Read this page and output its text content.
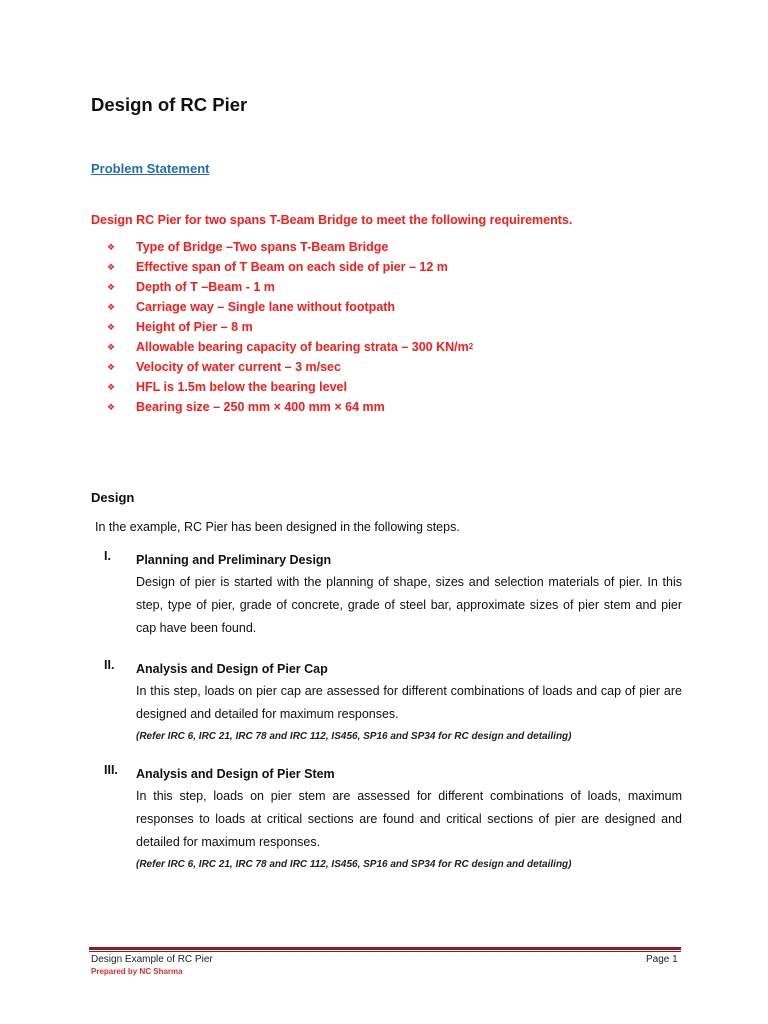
Design of RC Pier
Problem Statement
Design RC Pier for two spans T-Beam Bridge to meet the following requirements.
❖	Type of Bridge –Two spans T-Beam Bridge
❖	Effective span of T Beam on each side of pier – 12 m
❖	Depth of T –Beam - 1 m
❖	Carriage way – Single lane without footpath
❖	Height of Pier – 8 m
❖	Allowable bearing capacity of bearing strata – 300 KN/m 2
❖	Velocity of water current – 3 m/sec
❖	HFL is 1.5m below the bearing level
❖	Bearing size – 250 mm × 400 mm × 64 mm
Design
In the example, RC Pier has been designed in the following steps.
I. Planning and Preliminary Design
Design of pier is started with the planning of shape, sizes and selection materials of pier. In this step, type of pier, grade of concrete, grade of steel bar, approximate sizes of pier stem and pier cap have been found.
II. Analysis and Design of Pier Cap
In this step, loads on pier cap are assessed for different combinations of loads and cap of pier are designed and detailed for maximum responses.
(Refer IRC 6, IRC 21, IRC 78 and IRC 112, IS456, SP16 and SP34 for RC design and detailing)
III. Analysis and Design of Pier Stem
In this step, loads on pier stem are assessed for different combinations of loads, maximum responses to loads at critical sections are found and critical sections of pier are designed and detailed for maximum responses.
(Refer IRC 6, IRC 21, IRC 78 and IRC 112, IS456, SP16 and SP34 for RC design and detailing)
Design Example of RC Pier	Page 1
Prepared by NC Sharma
